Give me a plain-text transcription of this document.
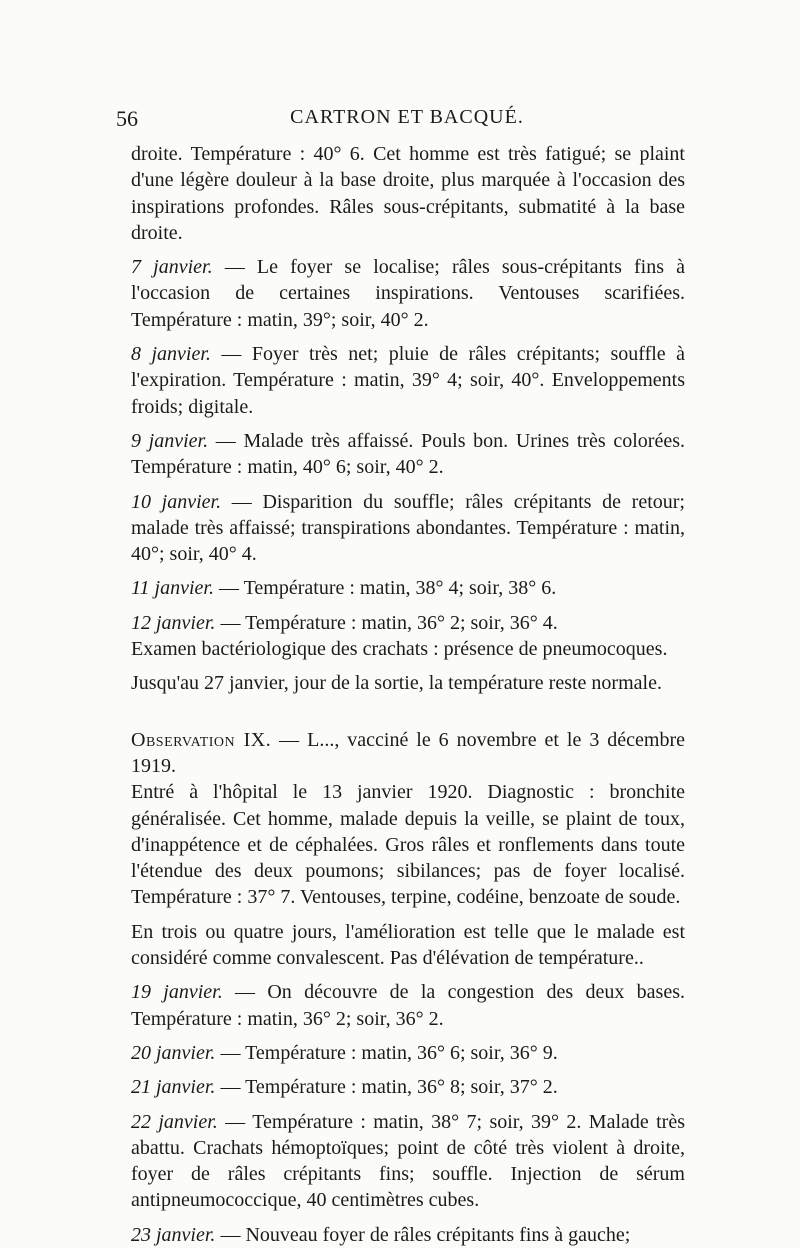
56	CARTRON ET BACQUÉ.

droite. Température : 40° 6. Cet homme est très fatigué; se plaint d'une légère douleur à la base droite, plus marquée à l'occasion des inspirations profondes. Râles sous-crépitants, submatité à la base droite.

7 janvier. — Le foyer se localise; râles sous-crépitants fins à l'occasion de certaines inspirations. Ventouses scarifiées. Température : matin, 39°; soir, 40° 2.

8 janvier. — Foyer très net; pluie de râles crépitants; souffle à l'expiration. Température : matin, 39° 4; soir, 40°. Enveloppements froids; digitale.

9 janvier. — Malade très affaissé. Pouls bon. Urines très colorées. Température : matin, 40° 6; soir, 40° 2.

10 janvier. — Disparition du souffle; râles crépitants de retour; malade très affaissé; transpirations abondantes. Température : matin, 40°; soir, 40° 4.

11 janvier. — Température : matin, 38° 4; soir, 38° 6.

12 janvier. — Température : matin, 36° 2; soir, 36° 4.

Examen bactériologique des crachats : présence de pneumocoques.

Jusqu'au 27 janvier, jour de la sortie, la température reste normale.

Observation IX. — L..., vacciné le 6 novembre et le 3 décembre 1919.

Entré à l'hôpital le 13 janvier 1920. Diagnostic : bronchite généralisée. Cet homme, malade depuis la veille, se plaint de toux, d'inappétence et de céphalées. Gros râles et ronflements dans toute l'étendue des deux poumons; sibilances; pas de foyer localisé. Température : 37° 7. Ventouses, terpine, codéine, benzoate de soude.

En trois ou quatre jours, l'amélioration est telle que le malade est considéré comme convalescent. Pas d'élévation de température..

19 janvier. — On découvre de la congestion des deux bases. Température : matin, 36° 2; soir, 36° 2.

20 janvier. — Température : matin, 36° 6; soir, 36° 9.

21 janvier. — Température : matin, 36° 8; soir, 37° 2.

22 janvier. — Température : matin, 38° 7; soir, 39° 2. Malade très abattu. Crachats hémoptoïques; point de côté très violent à droite, foyer de râles crépitants fins; souffle. Injection de sérum antipneumococcique, 40 centimètres cubes.

23 janvier. — Nouveau foyer de râles crépitants fins à gauche;
